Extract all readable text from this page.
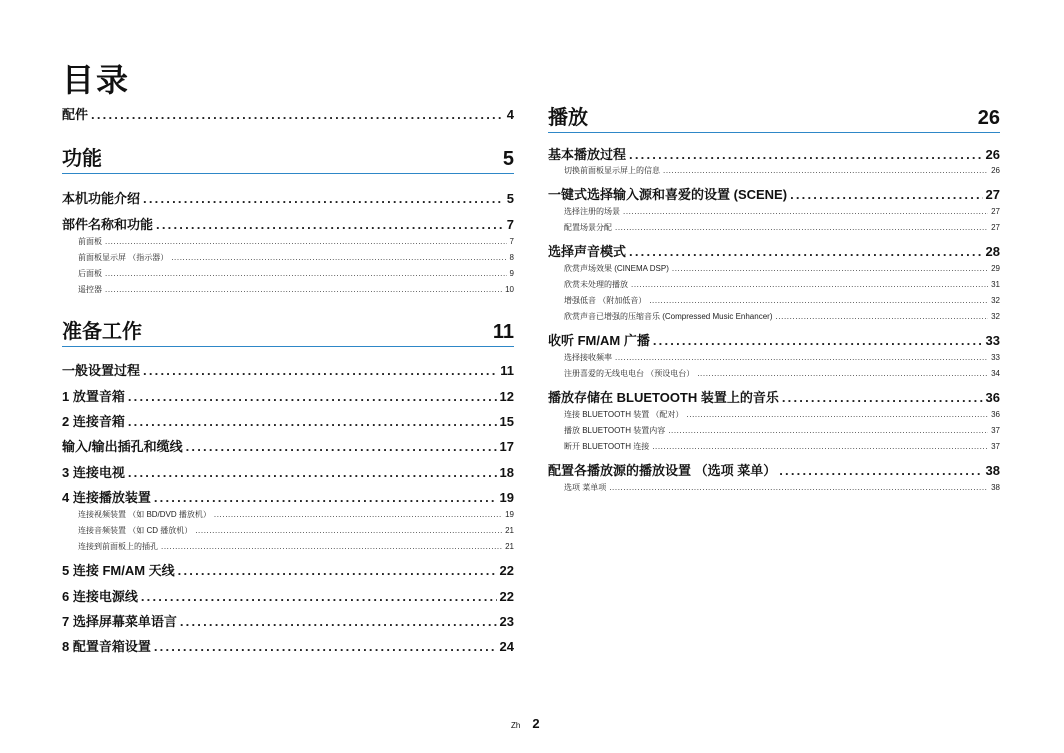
目录
配件 .....	4
功能	5
本机功能介绍 .....	5
部件名称和功能 .....	7
前面板 .....	7
前面板显示屏 （指示器） .....	8
后面板 .....	9
遥控器 .....	10
准备工作	11
一般设置过程 .....	11
1 放置音箱 .....	12
2 连接音箱 .....	15
输入/输出插孔和缆线 .....	17
3 连接电视 .....	18
4 连接播放装置 .....	19
连接视频装置 （如 BD/DVD 播放机） .....	19
连接音频装置 （如 CD 播放机） .....	21
连接到前面板上的插孔 .....	21
5 连接 FM/AM 天线 .....	22
6 连接电源线 .....	22
7 选择屏幕菜单语言 .....	23
8 配置音箱设置 .....	24
播放	26
基本播放过程 .....	26
切换前面板显示屏上的信息 .....	26
一键式选择输入源和喜爱的设置 (SCENE) .....	27
选择注册的场景 .....	27
配置场景分配 .....	27
选择声音模式 .....	28
欣赏声场效果 (CINEMA DSP) .....	29
欣赏未处理的播放 .....	31
增强低音 （附加低音） .....	32
欣赏声音已增强的压缩音乐 (Compressed Music Enhancer) .....	32
收听 FM/AM 广播 .....	33
选择接收频率 .....	33
注册喜爱的无线电电台 （预设电台） .....	34
播放存储在 BLUETOOTH 装置上的音乐 .....	36
连接 BLUETOOTH 装置 （配对） .....	36
播放 BLUETOOTH 装置内容 .....	37
断开 BLUETOOTH 连接 .....	37
配置各播放源的播放设置 （选项 菜单） .....	38
选项 菜单项 .....	38
Zh 2
